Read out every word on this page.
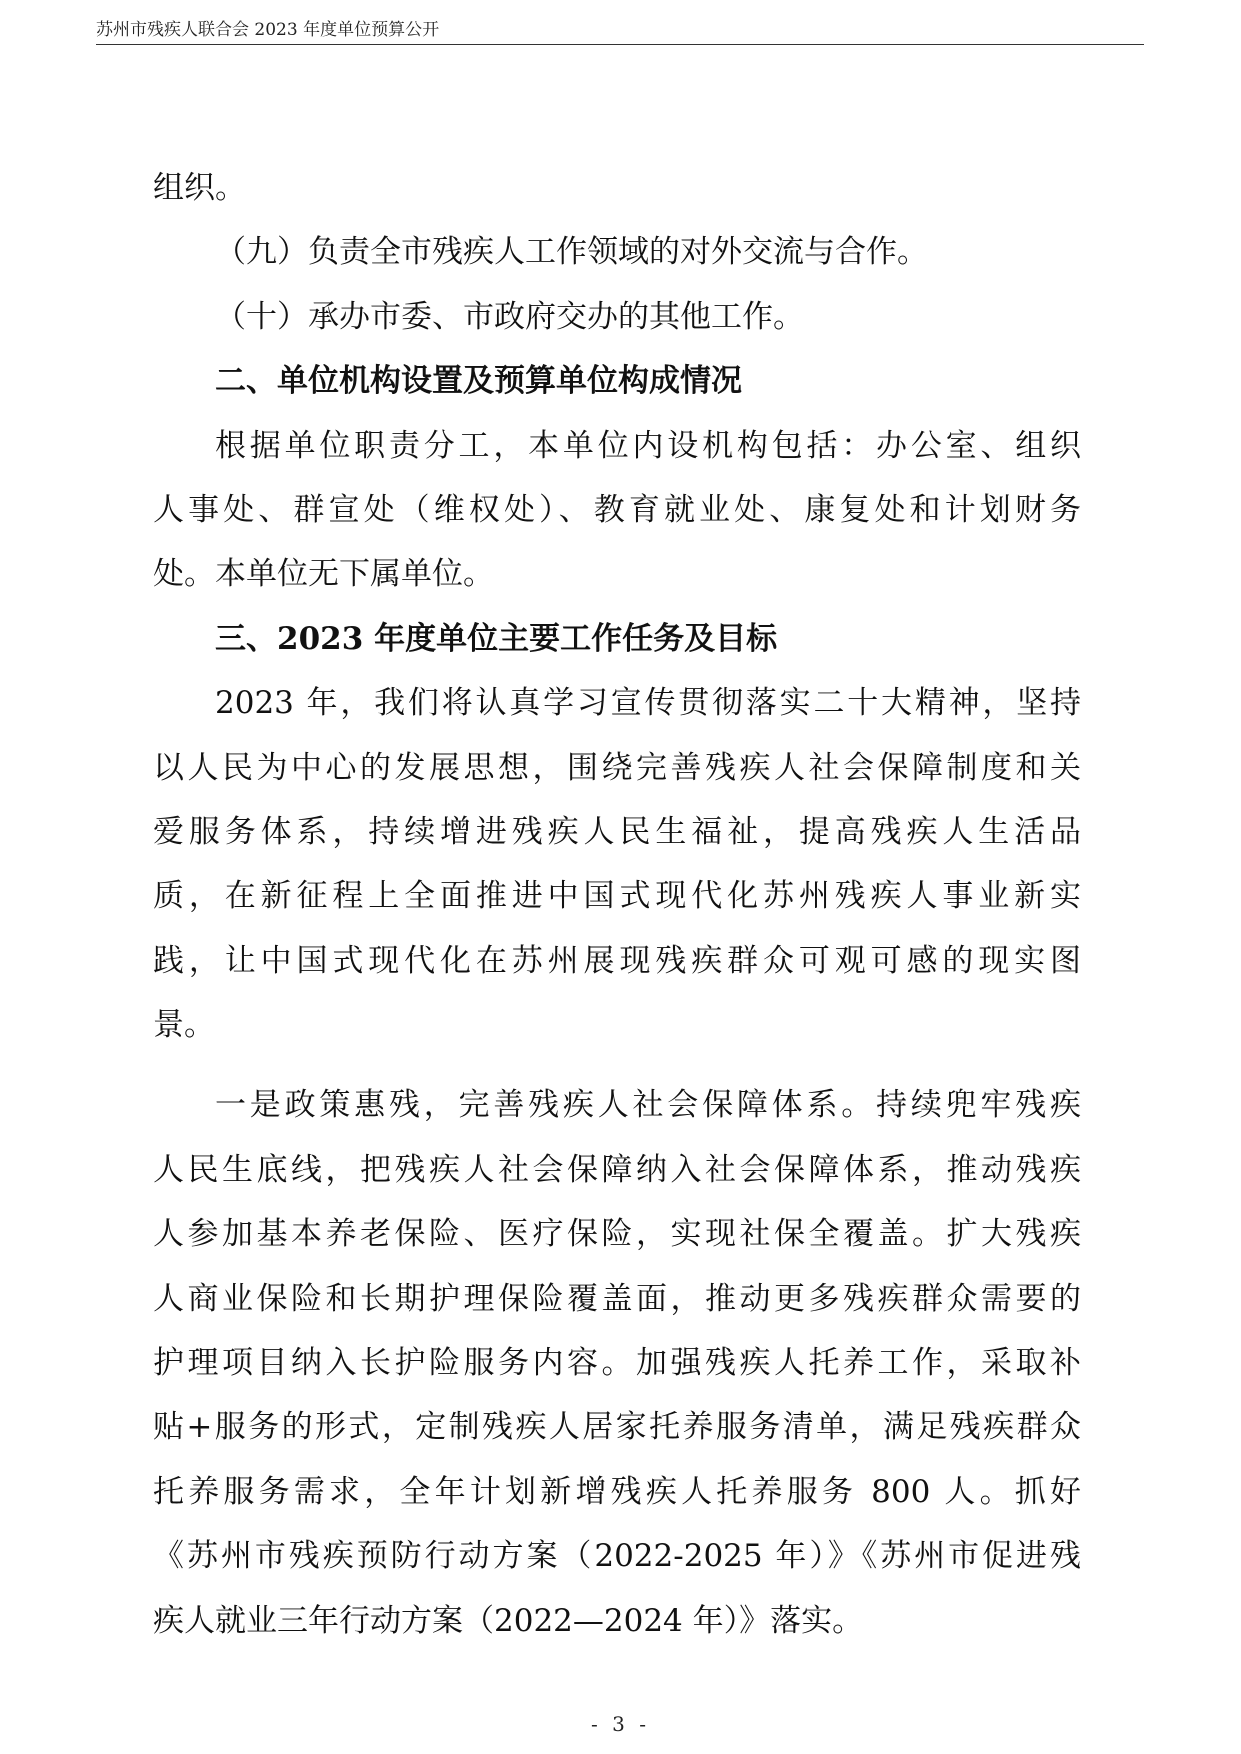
苏州市残疾人联合会 2023 年度单位预算公开
组织。
（九）负责全市残疾人工作领域的对外交流与合作。
（十）承办市委、市政府交办的其他工作。
二、单位机构设置及预算单位构成情况
根据单位职责分工，本单位内设机构包括：办公室、组织
人事处、群宣处（维权处）、教育就业处、康复处和计划财务
处。本单位无下属单位。
三、2023 年度单位主要工作任务及目标
2023 年，我们将认真学习宣传贯彻落实二十大精神，坚持
以人民为中心的发展思想，围绕完善残疾人社会保障制度和关
爱服务体系，持续增进残疾人民生福祉，提高残疾人生活品
质，在新征程上全面推进中国式现代化苏州残疾人事业新实
践，让中国式现代化在苏州展现残疾群众可观可感的现实图
景。
一是政策惠残，完善残疾人社会保障体系。持续兜牢残疾
人民生底线，把残疾人社会保障纳入社会保障体系，推动残疾
人参加基本养老保险、医疗保险，实现社保全覆盖。扩大残疾
人商业保险和长期护理保险覆盖面，推动更多残疾群众需要的
护理项目纳入长护险服务内容。加强残疾人托养工作，采取补
贴+服务的形式，定制残疾人居家托养服务清单，满足残疾群众
托养服务需求，全年计划新增残疾人托养服务 800 人。抓好
《苏州市残疾预防行动方案（2022-2025 年）》《苏州市促进残
疾人就业三年行动方案（2022—2024 年）》落实。
- 3 -
